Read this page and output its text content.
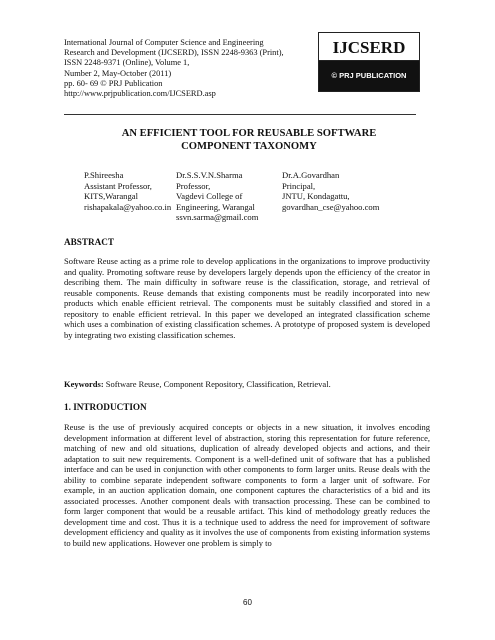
International Journal of Computer Science and Engineering
Research and Development (IJCSERD), ISSN 2248-9363 (Print),
ISSN 2248-9371 (Online), Volume 1,
Number 2, May-October (2011)
pp. 60- 69 © PRJ Publication
http://www.prjpublication.com/IJCSERD.asp
IJCSERD
© PRJ PUBLICATION
AN EFFICIENT TOOL FOR REUSABLE SOFTWARE
COMPONENT TAXONOMY
P.Shireesha
Assistant Professor,
KITS,Warangal
rishapakala@yahoo.co.in
Dr.S.S.V.N.Sharma
Professor,
Vagdevi College of
Engineering, Warangal
ssvn.sarma@gmail.com
Dr.A.Govardhan
Principal,
JNTU, Kondagattu,
govardhan_cse@yahoo.com
ABSTRACT
Software Reuse acting as a prime role to develop applications in the organizations to improve productivity and quality. Promoting software reuse by developers largely depends upon the efficiency of the creator in describing them. The main difficulty in software reuse is the classification, storage, and retrieval of reusable components. Reuse demands that existing components must be readily incorporated into new products which enable efficient retrieval. The components must be suitably classified and stored in a repository to enable efficient retrieval. In this paper we developed an integrated classification scheme which uses a combination of existing classification schemes. A prototype of proposed system is developed by integrating two existing classification schemes.
Keywords: Software Reuse, Component Repository, Classification, Retrieval.
1. INTRODUCTION
Reuse is the use of previously acquired concepts or objects in a new situation, it involves encoding development information at different level of abstraction, storing this representation for future reference, matching of new and old situations, duplication of already developed objects and actions, and their adaptation to suit new requirements. Component is a well-defined unit of software that has a published interface and can be used in conjunction with other components to form larger units. Reuse deals with the ability to combine separate independent software components to form a larger unit of software. For example, in an auction application domain, one component captures the characteristics of a bid and its associated processes. Another component deals with transaction processing. These can be combined to form larger component that would be a reusable artifact. This kind of methodology greatly reduces the development time and cost. Thus it is a technique used to address the need for improvement of software development efficiency and quality as it involves the use of components from existing information systems to build new applications. However one problem is simply to
60
